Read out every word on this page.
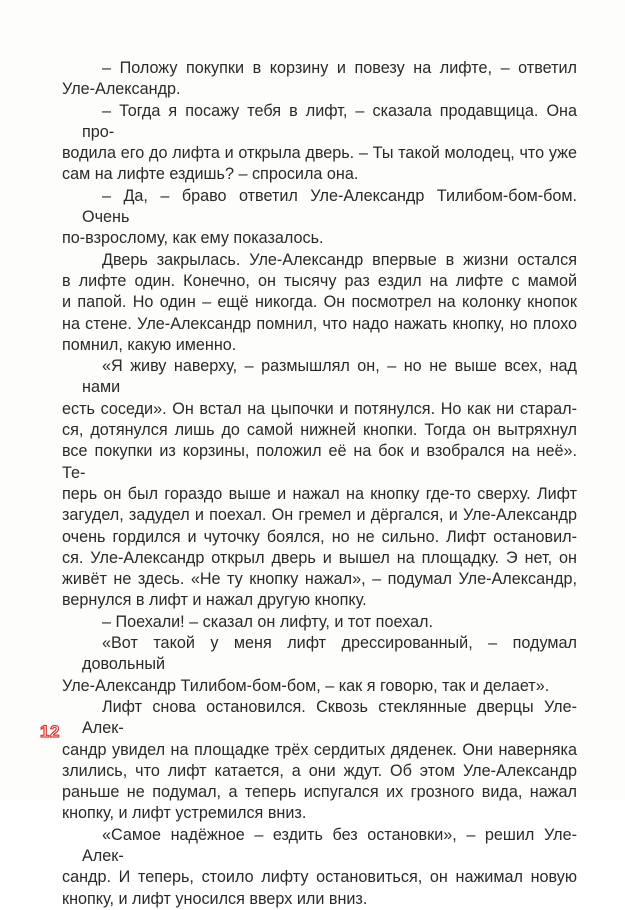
– Положу покупки в корзину и повезу на лифте, – ответил
Уле-Александр.
– Тогда я посажу тебя в лифт, – сказала продавщица. Она про-
водила его до лифта и открыла дверь. – Ты такой молодец, что уже
сам на лифте ездишь? – спросила она.
– Да, – браво ответил Уле-Александр Тилибом-бом-бом. Очень
по-взрослому, как ему показалось.
Дверь закрылась. Уле-Александр впервые в жизни остался
в лифте один. Конечно, он тысячу раз ездил на лифте с мамой
и папой. Но один – ещё никогда. Он посмотрел на колонку кнопок
на стене. Уле-Александр помнил, что надо нажать кнопку, но плохо
помнил, какую именно.
«Я живу наверху, – размышлял он, – но не выше всех, над нами
есть соседи». Он встал на цыпочки и потянулся. Но как ни старал-
ся, дотянулся лишь до самой нижней кнопки. Тогда он вытряхнул
все покупки из корзины, положил её на бок и взобрался на неё». Те-
перь он был гораздо выше и нажал на кнопку где-то сверху. Лифт
загудел, задудел и поехал. Он гремел и дёргался, и Уле-Александр
очень гордился и чуточку боялся, но не сильно. Лифт остановил-
ся. Уле-Александр открыл дверь и вышел на площадку. Э нет, он
живёт не здесь. «Не ту кнопку нажал», – подумал Уле-Александр,
вернулся в лифт и нажал другую кнопку.
– Поехали! – сказал он лифту, и тот поехал.
«Вот такой у меня лифт дрессированный, – подумал довольный
Уле-Александр Тилибом-бом-бом, – как я говорю, так и делает».
Лифт снова остановился. Сквозь стеклянные дверцы Уле-Алек-
сандр увидел на площадке трёх сердитых дяденек. Они наверняка
злились, что лифт катается, а они ждут. Об этом Уле-Александр
раньше не подумал, а теперь испугался их грозного вида, нажал
кнопку, и лифт устремился вниз.
«Самое надёжное – ездить без остановки», – решил Уле-Алек-
сандр. И теперь, стоило лифту остановиться, он нажимал новую
кнопку, и лифт уносился вверх или вниз.
12
